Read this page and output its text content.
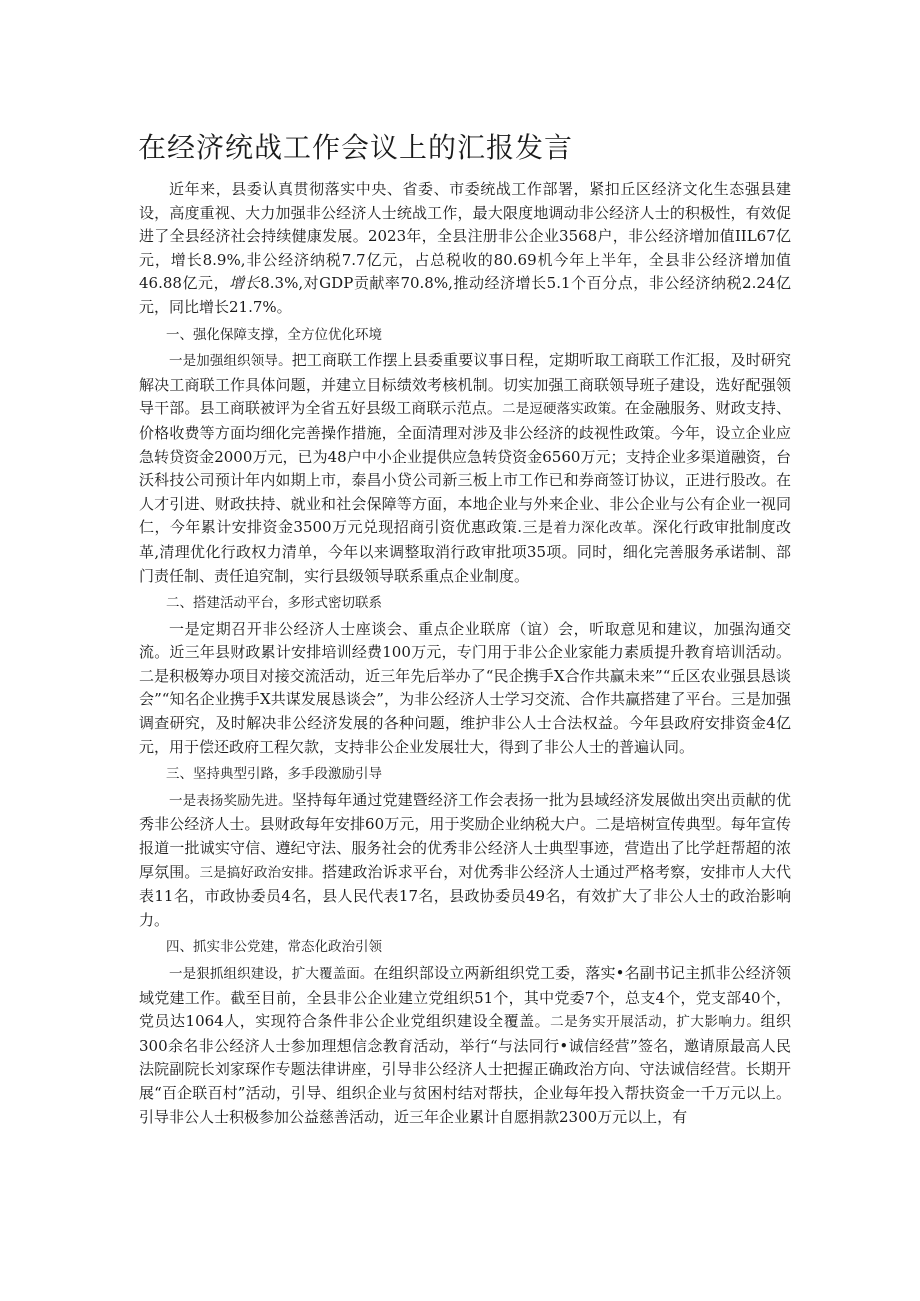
在经济统战工作会议上的汇报发言

近年来，县委认真贯彻落实中央、省委、市委统战工作部署，紧扣丘区经济文化生态强县建设，高度重视、大力加强非公经济人士统战工作，最大限度地调动非公经济人士的积极性，有效促进了全县经济社会持续健康发展。2023年，全县注册非公企业3568户，非公经济增加值IIL67亿元，增长8.9%,非公经济纳税7.7亿元，占总税收的80.69机今年上半年，全县非公经济增加值46.88亿元，增长8.3%,对GDP贡献率70.8%,推动经济增长5.1个百分点，非公经济纳税2.24亿元，同比增长21.7%。

一、强化保障支撑，全方位优化环境

一是加强组织领导。把工商联工作摆上县委重要议事日程，定期听取工商联工作汇报，及时研究解决工商联工作具体问题，并建立目标绩效考核机制。切实加强工商联领导班子建设，选好配强领导干部。县工商联被评为全省五好县级工商联示范点。二是逗硬落实政策。在金融服务、财政支持、价格收费等方面均细化完善操作措施，全面清理对涉及非公经济的歧视性政策。今年，设立企业应急转贷资金2000万元，已为48户中小企业提供应急转贷资金6560万元；支持企业多渠道融资，台沃科技公司预计年内如期上市，泰昌小贷公司新三板上市工作已和券商签订协议，正进行股改。在人才引进、财政扶持、就业和社会保障等方面，本地企业与外来企业、非公企业与公有企业一视同仁，今年累计安排资金3500万元兑现招商引资优惠政策.三是着力深化改革。深化行政审批制度改革,清理优化行政权力清单，今年以来调整取消行政审批项35项。同时，细化完善服务承诺制、部门责任制、责任追究制，实行县级领导联系重点企业制度。

二、搭建活动平台，多形式密切联系

一是定期召开非公经济人士座谈会、重点企业联席（谊）会，听取意见和建议，加强沟通交流。近三年县财政累计安排培训经费100万元，专门用于非公企业家能力素质提升教育培训活动。二是积极筹办项目对接交流活动，近三年先后举办了“民企携手X合作共赢未来”“丘区农业强县恳谈会”“知名企业携手X共谋发展恳谈会”，为非公经济人士学习交流、合作共赢搭建了平台。三是加强调查研究，及时解决非公经济发展的各种问题，维护非公人士合法权益。今年县政府安排资金4亿元，用于偿还政府工程欠款，支持非公企业发展壮大，得到了非公人士的普遍认同。

三、坚持典型引路，多手段激励引导

一是表扬奖励先进。坚持每年通过党建暨经济工作会表扬一批为县域经济发展做出突出贡献的优秀非公经济人士。县财政每年安排60万元，用于奖励企业纳税大户。二是培树宣传典型。每年宣传报道一批诚实守信、遵纪守法、服务社会的优秀非公经济人士典型事迹，营造出了比学赶帮超的浓厚氛围。三是搞好政治安排。搭建政治诉求平台，对优秀非公经济人士通过严格考察，安排市人大代表11名，市政协委员4名，县人民代表17名，县政协委员49名，有效扩大了非公人士的政治影响力。

四、抓实非公党建，常态化政治引领

一是狠抓组织建设，扩大覆盖面。在组织部设立两新组织党工委，落实•名副书记主抓非公经济领域党建工作。截至目前，全县非公企业建立党组织51个，其中党委7个，总支4个，党支部40个，党员达1064人，实现符合条件非公企业党组织建设全覆盖。二是务实开展活动，扩大影响力。组织300余名非公经济人士参加理想信念教育活动，举行“与法同行•诚信经营”签名，邀请原最高人民法院副院长刘家琛作专题法律讲座，引导非公经济人士把握正确政治方向、守法诚信经营。长期开展“百企联百村”活动，引导、组织企业与贫困村结对帮扶，企业每年投入帮扶资金一千万元以上。引导非公人士积极参加公益慈善活动，近三年企业累计自愿捐款2300万元以上，有
